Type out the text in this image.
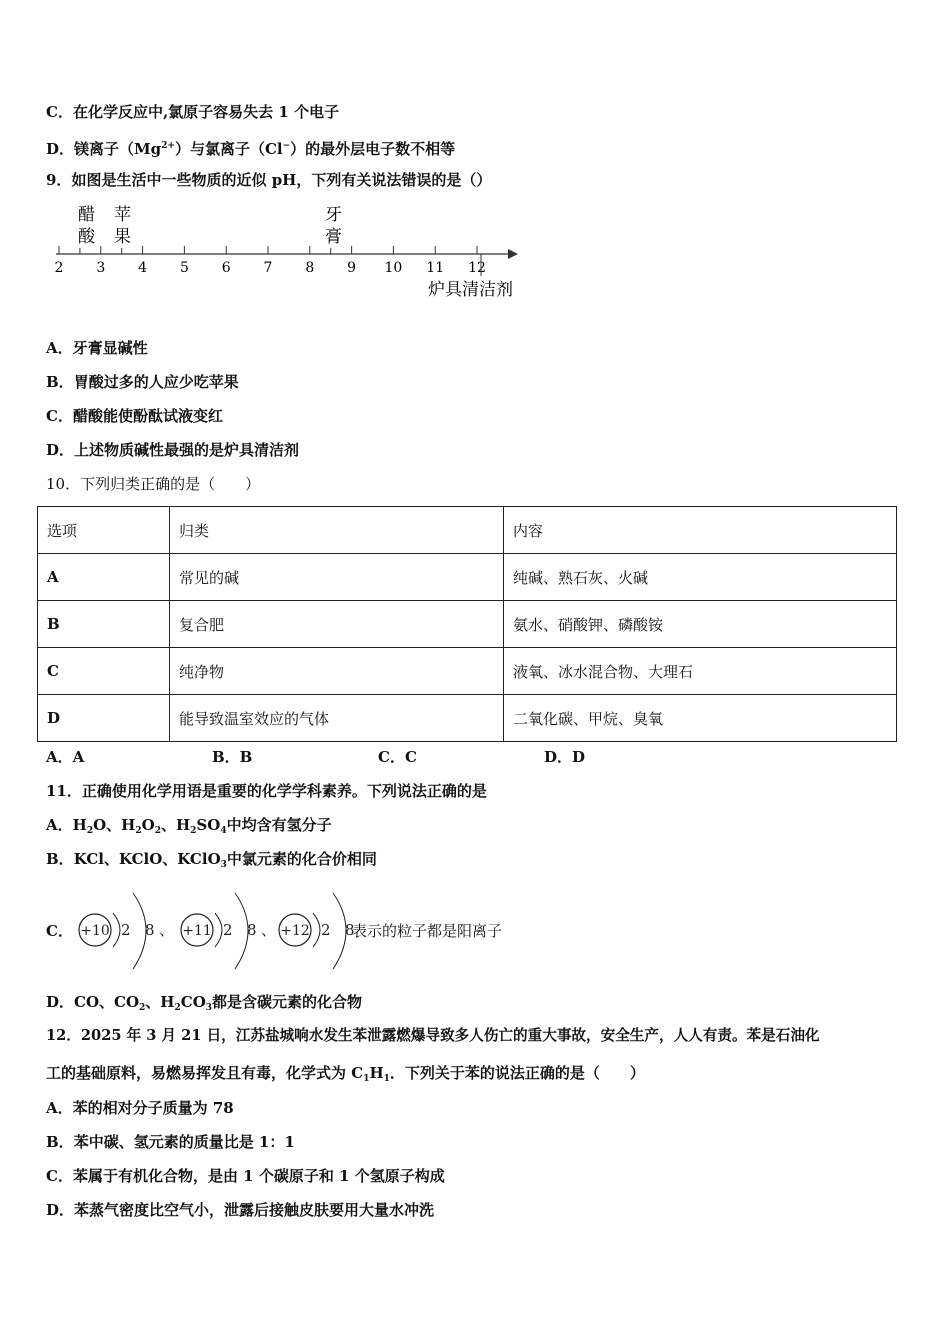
C．在化学反应中,氯原子容易失去 1 个电子
D．镁离子$(Mg^{2+})$与氯离子（Cl−）的最外层电子数不相等
9．如图是生活中一些物质的近似 pH，下列有关说法错误的是（）
2 3 4 5 6 7 8 9 10 11 12
醋
酸
苹
果
牙
膏
炉具清洁剂
A．牙膏显碱性
B．胃酸过多的人应少吃苹果
C．醋酸能使酚酞试液变红
D．上述物质碱性最强的是炉具清洁剂
10．下列归类正确的是（　　）
选项	归类	内容
A	常见的碱	纯碱、熟石灰、火碱
B	复合肥	氨水、硝酸钾、磷酸铵
C	纯净物	液氧、冰水混合物、大理石
D	能导致温室效应的气体	二氧化碳、甲烷、臭氧
A．A	B．B	C．C	D．D
11．正确使用化学用语是重要的化学学科素养。下列说法正确的是
A．$H_2O$、$H_2O_2$、$H_2SO_4$中均含有氢分子
B．KCl、KClO、KClO$_3$中氯元素的化合价相同
C． +10 2 8 、 +11 2 8 、 +12 2 8
表示的粒子都是阳离子
D．CO、$CO_2$、$H_2CO_3$都是含碳元素的化合物
12．2025 年 3 月 21 日，江苏盐城响水发生苯泄露燃爆导致多人伤亡的重大事故，安全生产，人人有责。苯是石油化
工的基础原料，易燃易挥发且有毒，化学式为 $C_1H_1$．下列关于苯的说法正确的是（　　）
A．苯的相对分子质量为 78
B．苯中碳、氢元素的质量比是 1：1
C．苯属于有机化合物，是由 1 个碳原子和 1 个氢原子构成
D．苯蒸气密度比空气小，泄露后接触皮肤要用大量水冲洗
